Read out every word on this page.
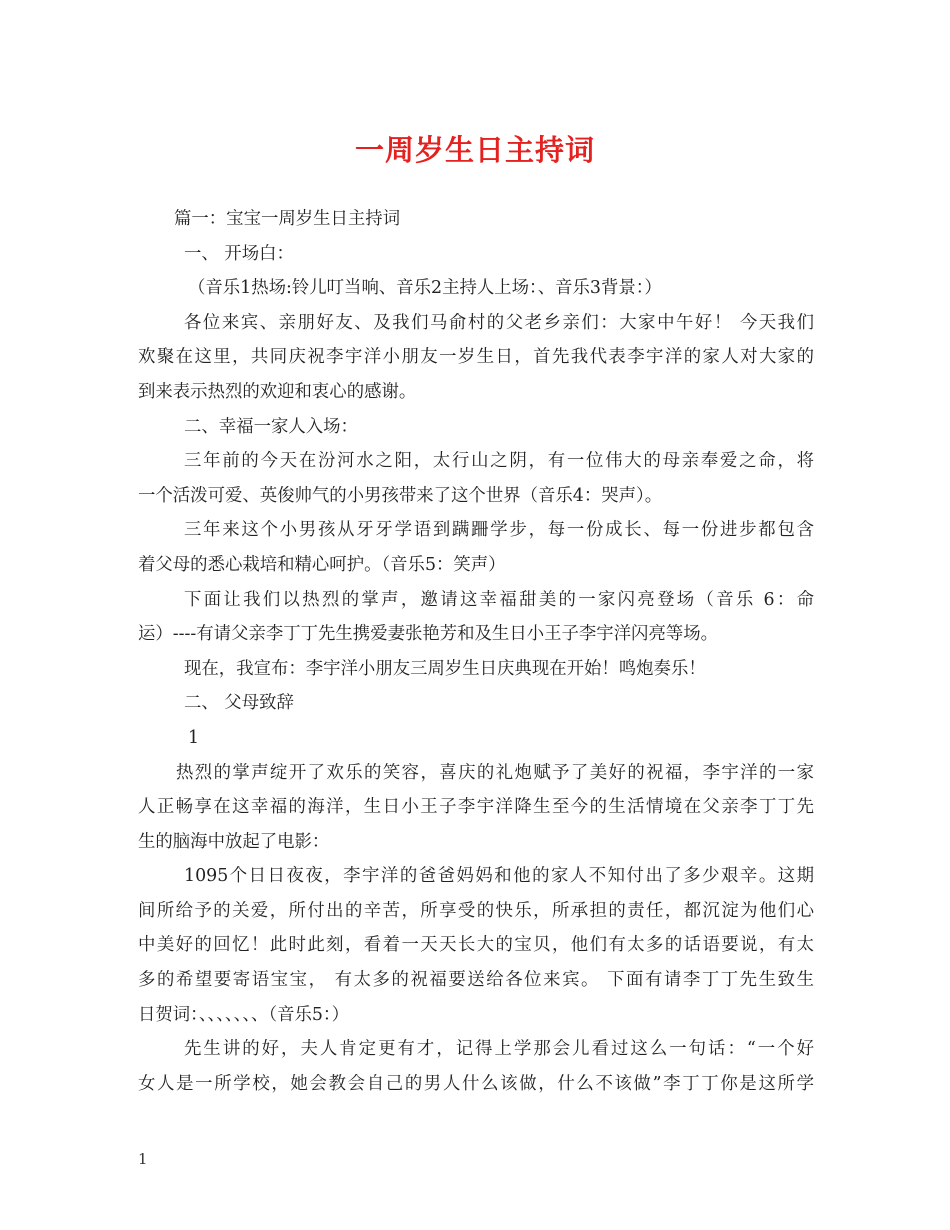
一周岁生日主持词

篇一：宝宝一周岁生日主持词

一、 开场白：

（音乐1热场:铃儿叮当响、音乐2主持人上场：、音乐3背景：）

各位来宾、亲朋好友、及我们马俞村的父老乡亲们：大家中午好！ 今天我们

欢聚在这里，共同庆祝李宇洋小朋友一岁生日，首先我代表李宇洋的家人对大家的

到来表示热烈的欢迎和衷心的感谢。

二、幸福一家人入场：

三年前的今天在汾河水之阳，太行山之阴，有一位伟大的母亲奉爱之命，将

一个活泼可爱、英俊帅气的小男孩带来了这个世界（音乐4：哭声）。

三年来这个小男孩从牙牙学语到蹒跚学步，每一份成长、每一份进步都包含

着父母的悉心栽培和精心呵护。（音乐5：笑声）

下面让我们以热烈的掌声，邀请这幸福甜美的一家闪亮登场（音乐 6：命

运）----有请父亲李丁丁先生携爱妻张艳芳和及生日小王子李宇洋闪亮等场。

现在，我宣布：李宇洋小朋友三周岁生日庆典现在开始！鸣炮奏乐！

二、 父母致辞

1

热烈的掌声绽开了欢乐的笑容，喜庆的礼炮赋予了美好的祝福，李宇洋的一家

人正畅享在这幸福的海洋，生日小王子李宇洋降生至今的生活情境在父亲李丁丁先

生的脑海中放起了电影：

1095个日日夜夜，李宇洋的爸爸妈妈和他的家人不知付出了多少艰辛。这期

间所给予的关爱，所付出的辛苦，所享受的快乐，所承担的责任，都沉淀为他们心

中美好的回忆！此时此刻，看着一天天长大的宝贝，他们有太多的话语要说，有太

多的希望要寄语宝宝， 有太多的祝福要送给各位来宾。 下面有请李丁丁先生致生

日贺词：、、、、、、、（音乐5：）

先生讲的好，夫人肯定更有才，记得上学那会儿看过这么一句话：“一个好

女人是一所学校，她会教会自己的男人什么该做，什么不该做”李丁丁你是这所学

1
